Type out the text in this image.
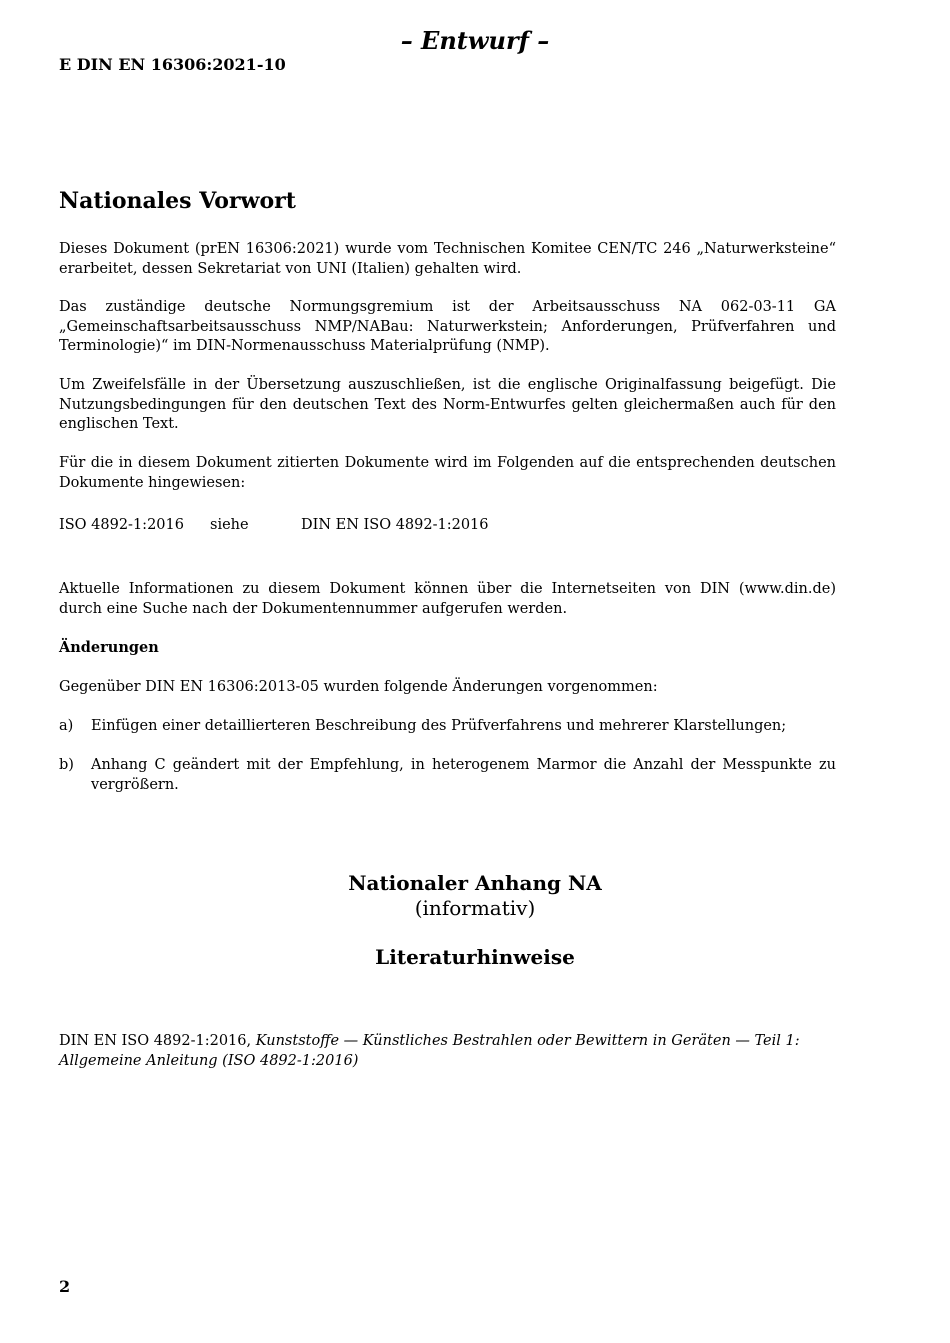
– Entwurf –
E DIN EN 16306:2021-10
Nationales Vorwort
Dieses Dokument (prEN 16306:2021) wurde vom Technischen Komitee CEN/TC 246 „Naturwerksteine“ erarbeitet, dessen Sekretariat von UNI (Italien) gehalten wird.
Das zuständige deutsche Normungsgremium ist der Arbeitsausschuss NA 062-03-11 GA „Gemeinschaftsarbeitsausschuss NMP/NABau: Naturwerkstein; Anforderungen, Prüfverfahren und Terminologie)“ im DIN-Normenausschuss Materialprüfung (NMP).
Um Zweifelsfälle in der Übersetzung auszuschließen, ist die englische Originalfassung beigefügt. Die Nutzungsbedingungen für den deutschen Text des Norm-Entwurfes gelten gleichermaßen auch für den englischen Text.
Für die in diesem Dokument zitierten Dokumente wird im Folgenden auf die entsprechenden deutschen Dokumente hingewiesen:
ISO 4892-1:2016 siehe	DIN EN ISO 4892-1:2016
Aktuelle Informationen zu diesem Dokument können über die Internetseiten von DIN (www.din.de) durch eine Suche nach der Dokumentennummer aufgerufen werden.
Änderungen
Gegenüber DIN EN 16306:2013-05 wurden folgende Änderungen vorgenommen:
a) Einfügen einer detaillierteren Beschreibung des Prüfverfahrens und mehrerer Klarstellungen;
b) Anhang C geändert mit der Empfehlung, in heterogenem Marmor die Anzahl der Messpunkte zu vergrößern.
Nationaler Anhang NA
(informativ)
Literaturhinweise
DIN EN ISO 4892-1:2016, Kunststoffe — Künstliches Bestrahlen oder Bewittern in Geräten — Teil 1: Allgemeine Anleitung (ISO 4892-1:2016)
2
